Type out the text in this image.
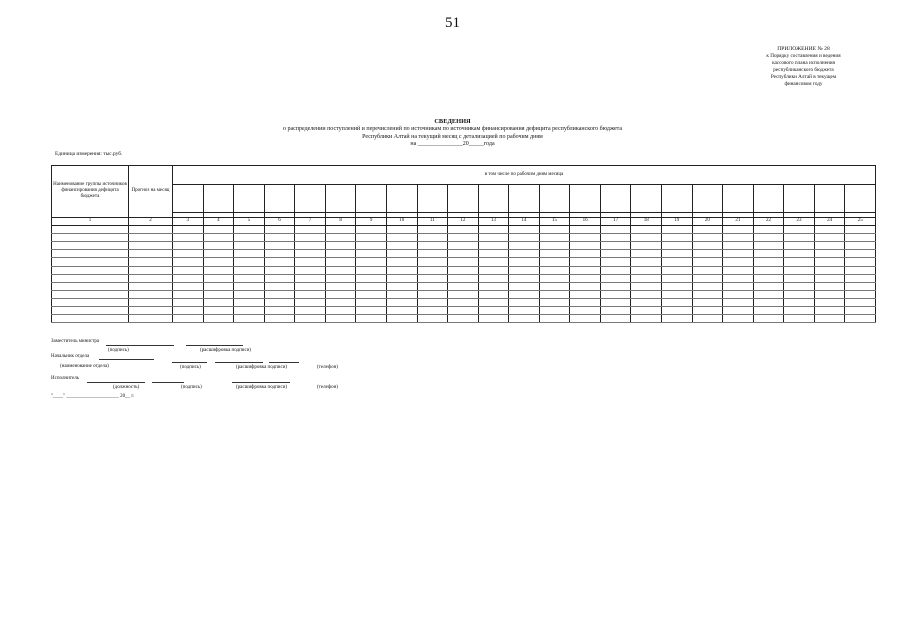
51
ПРИЛОЖЕНИЕ № 28
к Порядку составления и ведения
кассового плана исполнения
республиканского бюджета
Республики Алтай в текущем
финансовом году
СВЕДЕНИЯ
о распределении поступлений и перечислений по источникам по источникам финансирования дефицита республиканского бюджета
Республики Алтай на текущий месяц с детализацией по рабочим дням
на _______________20_____года
Единица измерения: тыс.руб.
Наименование группы источников финансирования дефицита бюджета	Прогноз на месяц	в том числе по рабочим дням месяца																						

1	2	3	4	5	6	7	8	9	10	11	12	13	14	15	16	17	18	19	20	21	22	23	24	25

Заместитель министра
(подпись)	(расшифровка подписи)
Начальник отдела
(наименование отдела)	(подпись)	(расшифровка подписи)	(телефон)
Исполнитель
(должность)	(подпись)	(расшифровка подписи)	(телефон)
"____" _____________________ 20__ г.
